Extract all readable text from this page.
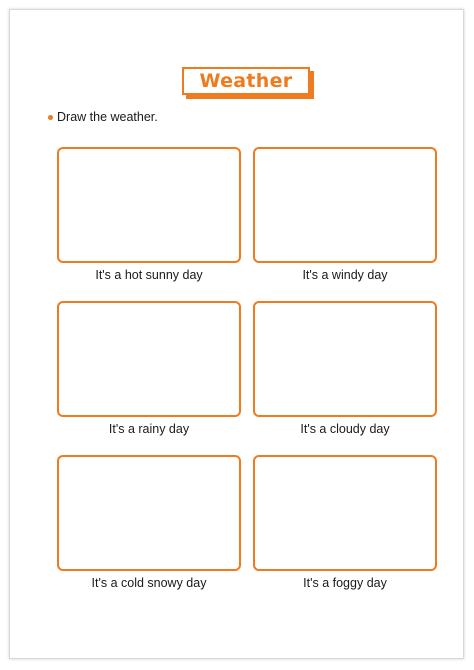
Weather
Draw the weather.
It's a hot sunny day	It's a windy day
It's a rainy day	It's a cloudy day
It's a cold snowy day	It's a foggy day
